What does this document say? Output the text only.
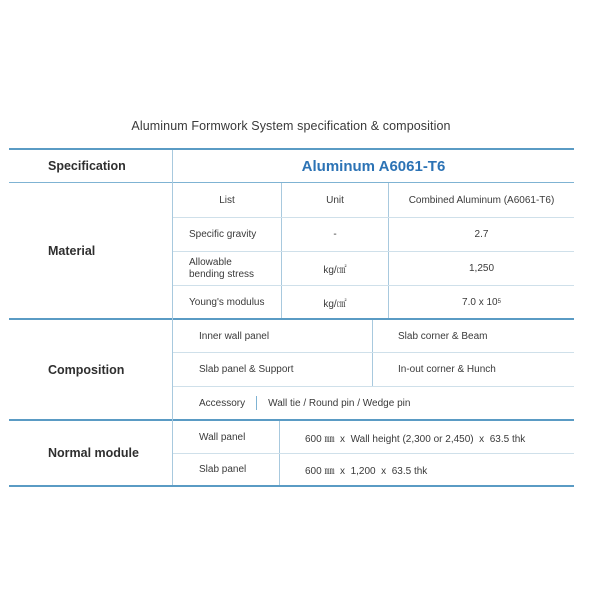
Aluminum Formwork System specification & composition
Specification	Aluminum A6061-T6
Material
List	Unit	Combined Aluminum (A6061-T6)
Specific gravity	-	2.7
Allowable
bending stress	kg/㎠	1,250
Young's modulus	kg/㎠	7.0 x 10 5
Composition
Inner wall panel	Slab corner & Beam
Slab panel & Support	In-out corner & Hunch
Accessory Wall tie / Round pin / Wedge pin
Normal module
Wall panel	600 ㎜  x  Wall height (2,300 or 2,450)  x  63.5 thk
Slab panel	600 ㎜  x  1,200  x  63.5 thk
